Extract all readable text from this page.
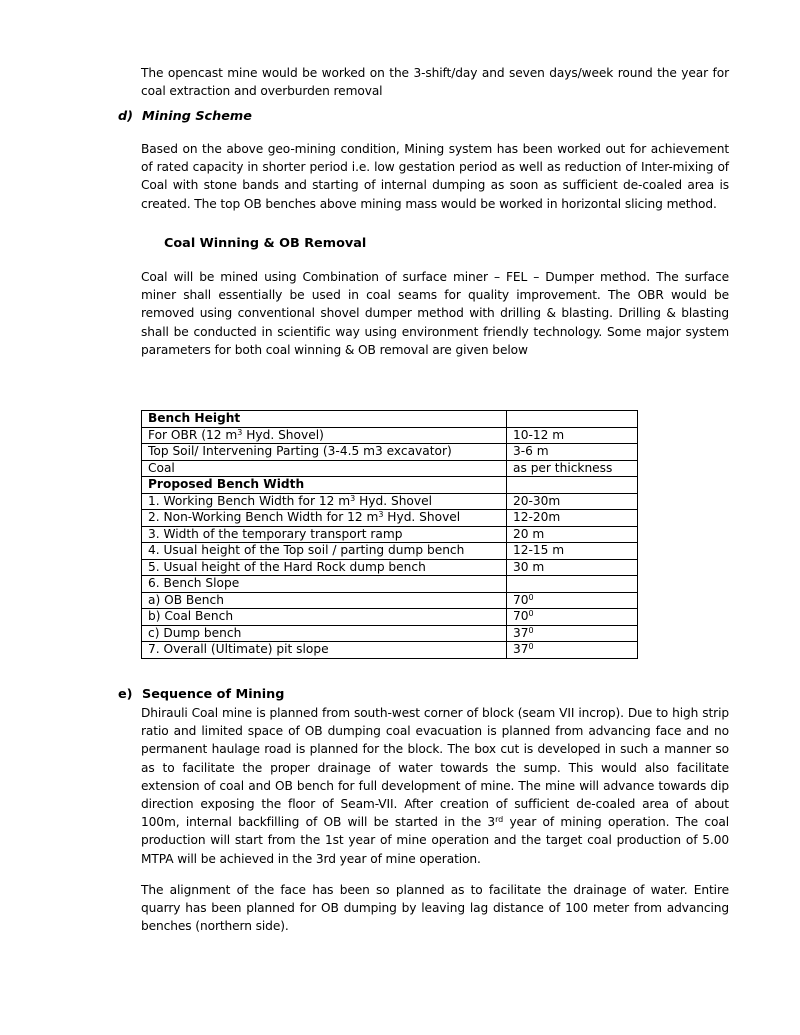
The opencast mine would be worked on the 3-shift/day and seven days/week round the year for coal extraction and overburden removal

d) Mining Scheme

Based on the above geo-mining condition, Mining system has been worked out for achievement of rated capacity in shorter period i.e. low gestation period as well as reduction of Inter-mixing of Coal with stone bands and starting of internal dumping as soon as sufficient de-coaled area is created. The top OB benches above mining mass would be worked in horizontal slicing method.

Coal Winning & OB Removal

Coal will be mined using Combination of surface miner – FEL – Dumper method. The surface miner shall essentially be used in coal seams for quality improvement. The OBR would be removed using conventional shovel dumper method with drilling & blasting. Drilling & blasting shall be conducted in scientific way using environment friendly technology. Some major system parameters for both coal winning & OB removal are given below

Bench Height	
For OBR (12 $m^3$ Hyd. Shovel)	10-12 m
Top Soil/ Intervening Parting (3-4.5 m3 excavator)	3-6 m
Coal	as per thickness
Proposed Bench Width	
1. Working Bench Width for 12 $m^3$ Hyd. Shovel	20-30m
2. Non-Working Bench Width for 12 $m^3$ Hyd. Shovel	12-20m
3. Width of the temporary transport ramp	20 m
4. Usual height of the Top soil / parting dump bench	12-15 m
5. Usual height of the Hard Rock dump bench	30 m
6. Bench Slope	
a) OB Bench	$70^0$
b) Coal Bench	$70^0$
c) Dump bench	$37^0$
7. Overall (Ultimate) pit slope	$37^0$
e) Sequence of Mining

Dhirauli Coal mine is planned from south-west corner of block (seam VII incrop). Due to high strip ratio and limited space of OB dumping coal evacuation is planned from advancing face and no permanent haulage road is planned for the block. The box cut is developed in such a manner so as to facilitate the proper drainage of water towards the sump. This would also facilitate extension of coal and OB bench for full development of mine. The mine will advance towards dip direction exposing the floor of Seam-VII. After creation of sufficient de-coaled area of about 100m, internal backfilling of OB will be started in the 3rd year of mining operation. The coal production will start from the 1st year of mine operation and the target coal production of 5.00 MTPA will be achieved in the 3rd year of mine operation.

The alignment of the face has been so planned as to facilitate the drainage of water. Entire quarry has been planned for OB dumping by leaving lag distance of 100 meter from advancing benches (northern side).
